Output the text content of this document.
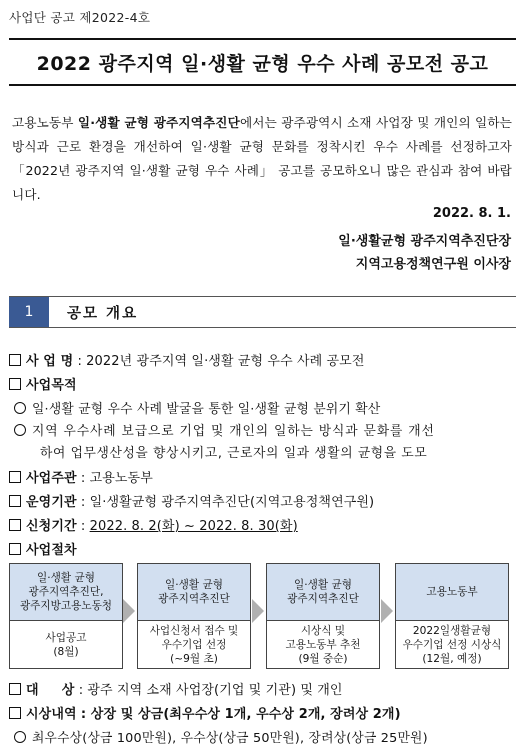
사업단 공고 제2022-4호
2022 광주지역 일·생활 균형 우수 사례 공모전 공고
고용노동부 일·생활 균형 광주지역추진단에서는 광주광역시 소재 사업장 및 개인의 일하는 방식과 근로 환경을 개선하여 일·생활 균형 문화를 정착시킨 우수 사례를 선정하고자 「2022년 광주지역 일·생활 균형 우수 사례」 공고를 공모하오니 많은 관심과 참여 바랍니다.
2022. 8. 1.
일·생활균형 광주지역추진단장
지역고용정책연구원 이사장
1	공모 개요
사 업 명 : 2022년 광주지역 일·생활 균형 우수 사례 공모전
사업목적
일·생활 균형 우수 사례 발굴을 통한 일·생활 균형 분위기 확산
지역 우수사례 보급으로 기업 및 개인의 일하는 방식과 문화를 개선
하여 업무생산성을 향상시키고, 근로자의 일과 생활의 균형을 도모
사업주관 : 고용노동부
운영기관 : 일·생활균형 광주지역추진단(지역고용정책연구원)
신청기간 : 2022. 8. 2(화) ~ 2022. 8. 30(화)
사업절차
일·생활 균형
광주지역추진단,
광주지방고용노동청
사업공고
(8월)
일·생활 균형
광주지역추진단
사업신청서 접수 및
우수기업 선정
(~9월 초)
일·생활 균형
광주지역추진단
시상식 및
고용노동부 추천
(9월 중순)
고용노동부
2022일생활균형
우수기업 선정 시상식
(12월, 예정)
대     상 : 광주 지역 소재 사업장(기업 및 기관) 및 개인
시상내역 : 상장 및 상금(최우수상 1개, 우수상 2개, 장려상 2개)
최우수상(상금 100만원), 우수상(상금 50만원), 장려상(상금 25만원)
